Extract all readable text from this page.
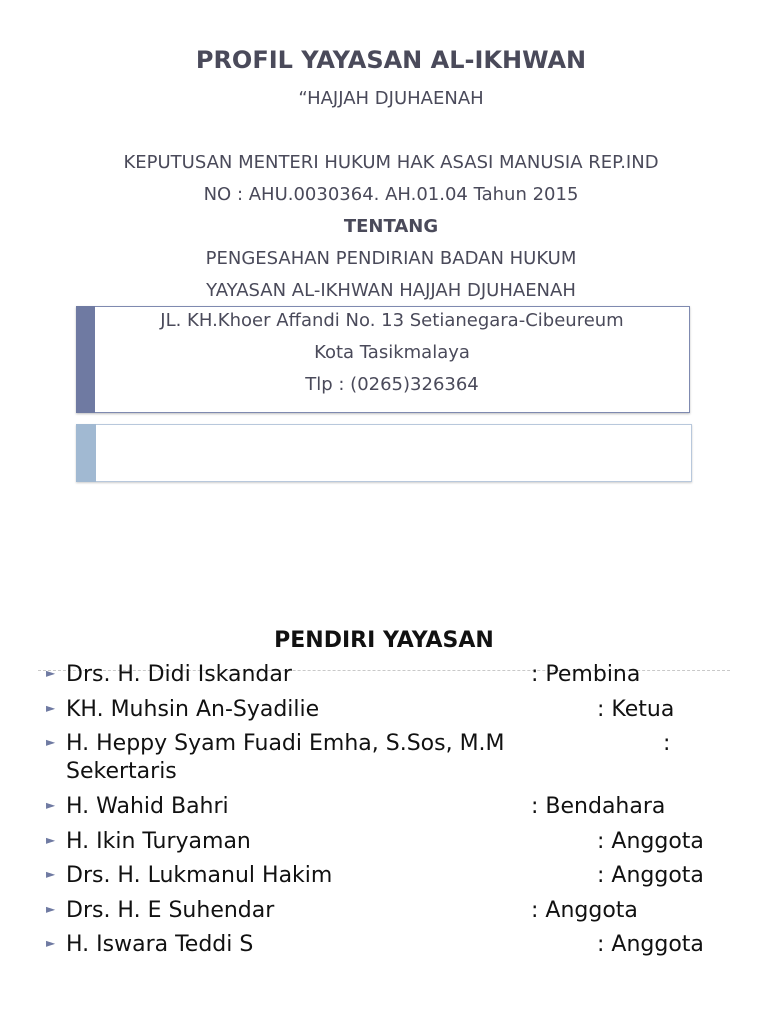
PROFIL YAYASAN AL-IKHWAN
“HAJJAH DJUHAENAH
KEPUTUSAN MENTERI HUKUM HAK ASASI MANUSIA REP.IND
NO : AHU.0030364. AH.01.04 Tahun 2015
TENTANG
PENGESAHAN PENDIRIAN BADAN HUKUM
YAYASAN AL-IKHWAN HAJJAH DJUHAENAH
JL. KH.Khoer Affandi No. 13 Setianegara-Cibeureum
Kota Tasikmalaya
Tlp : (0265)326364
PENDIRI YAYASAN
► Drs. H. Didi Iskandar	: Pembina
► KH. Muhsin An-Syadilie	: Ketua
► H. Heppy Syam Fuadi Emha, S.Sos, M.M	:
Sekertaris
► H. Wahid Bahri	: Bendahara
► H. Ikin Turyaman	: Anggota
► Drs. H. Lukmanul Hakim	: Anggota
► Drs. H. E Suhendar	: Anggota
► H. Iswara Teddi S	: Anggota
